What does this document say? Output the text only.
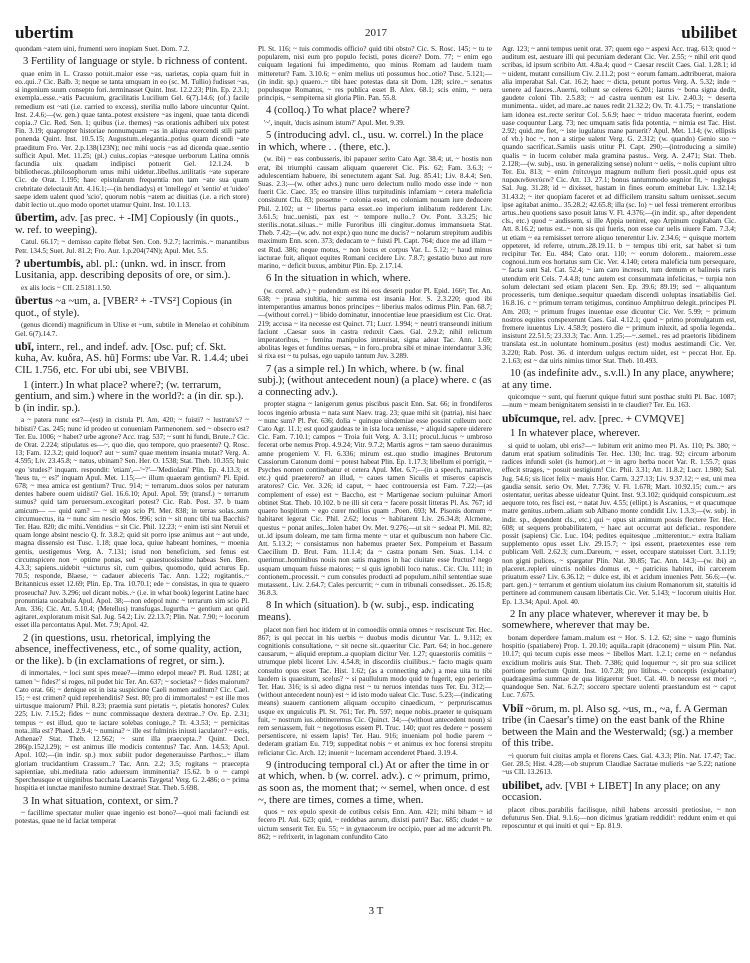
ubertim	2017	ubilibet
quondam ~atem uini, frumenti uero inopiam Suet. Dom. 7.2.
3 Fertility of language or style. b richness of content.
quae enim in L. Crasso potuit..maior esse ~as, uarietas, copia quam fuit in eo..qui..? Cic. Balb. 3; neque se tanta umquam in eo (sc. M. Tullio) fudisset ~as, si ingenium suum consepto fori..terminasset Quint. Inst. 12.2.23; Plin. Ep. 2.3.1; exempla..esse..~atis Pacuuium, gracilitatis Lucilium Gel. 6(7).14.6; (of.) facile remedium est ~ati (i.e. carried to excess), sterilia nullo labore uincuntur Quint. Inst. 2.4.6;—(w. gen.) quae tanta..potest exsistere ~as ingeni, quae tanta dicendi copia..? Cic. Red. Sen. 1; quibus (i.e. themes) ~as orationis adhiberi uix potest Fin. 3.19; quapropter historiae nonnumquam ~as in aliqua exercendi stili parte ponenda Quint. Inst. 10.5.15; Augustum..elegantia..potius quam dicendi ~ate praeditum Fro. Ver. 2.p.138(123N); nec mihi uocis ~as ad dicenda quae..sentio sufficit Apul. Met. 11.25; (pl.) cuius..copias ~atesque uerborum Latina omnis facundia uix quadam indipisci potuerit Gel. 12.1.24. b bibliothecas..philosophorum unus mihi uidetur..libellus..utilitatis ~ate superare Cic. de Orat. 1.195; haec epistularum frequentia non tam ~ate sua quam crebritate delectauit Att. 4.16.1;—(in hendiadys) et 'intellego' et 'sentio' et 'uideo' saepe idem ualent quod 'scio', quorum nobis ~atem ac diuitias (i.e. a rich store) dabit lectio ut..quo modo oportet utamur Quint. Inst. 10.1.13.
ūbertim, adv. [as prec. + -IM] Copiously (in quots., w. ref. to weeping).
Catul. 66.17; ~ demisso capite flebat Sen. Con. 9.2.7; lacrimis..~ manantibus Petr. 134.5; Suet. Jul. 81.2; Fro. Aur. 1.p.204(74N); Apul. Met. 5.5.
? ubertumbis, abl. pl.: (unkn. wd. in inscr. from Lusitania, app. describing deposits of ore, or sim.).
ex alis locis ~ CIL 2.5181.1.50.
ūbertus ~a ~um, a. [VBER² + -TVS²] Copious (in quot., of style).
(genus dicendi) magnificum in Ulixe et ~um, subtile in Menelao et cohibitum Gel. 6(7).14.7.
ubī, interr., rel., and indef. adv. [Osc. puf; cf. Skt. kuha, Av. kuδra, AS. hū] Forms: ube Var. R. 1.4.4; ubei CIL 1.756, etc. For ubi ubi, see VBIVBI.
1 (interr.) In what place? where?; (w. terrarum, gentium, and sim.) where in the world?: a (in dir. sp.). b (in indir. sp.).
a ~ patera nunc est?—(est) in cistula Pl. Am. 420; ~ fuisti? ~ lustratu's? ~ bibisti? Cas. 245; nunc id prodeo ut conueniam Parmenonem. sed ~ obsecro est? Ter. Eu. 1006; ~ habet? urbe agrone? Acc. trag. 537; ~ sunt hi fundi, Brute..? Cic. de Orat. 2.224; stipulatus es—~, quo die, quo tempore, quo praesente? Q. Rosc. 13; Fam. 12.3.2; quid loquor? aut ~ sum? quae mentem insania mutat? Verg. A. 4.595; Liv. 23.45.8; ~ natus, ubinam? Sen. Her. O. 1538; Stat. Theb. 10.355; huic ego 'studes?' inquam. respondit: 'etiam',—'~?'—'Mediolani' Plin. Ep. 4.13.3; et 'heus tu, ~ es?' inquam Apul. Met. 1.15;—~ illum quaeram gentium? Pl. Epid. 678; ~ mea amica est gentium? Truc. 914; ~ terrarum..duos solos per naturam dentes habere ouem uidisti? Gel. 16.6.10; Apul. Apol. 59; (transf.) ~ terrarum sumus? quid tam peruersum..excogitari potest? Cic. Rab. Post. 37. b tuam amicum— — quid eam? — ~ sit ego scio Pl. Mer. 838; in terras solas..sum circumuectus, ita ~ nunc sim nescio Mos. 996; scin ~ sit nunc tibi tua Bacchis? Ter. Hau. 820; dic mihi..Ventidius ~ sit Cic. Phil. 12.23; ~ enim isti sint Neruii et quam longe absint nescio Q. fr. 3.8.2; quid sit porro ipse animus aut ~ aut unde, magna dissensio est Tusc. 1.18; quae loca, quiue habeant homines, ~ moenia gentis, uestigemus Verg. A. 7.131; istud non beneficium, sed fenus est circumspicere non ~ optime ponas, sed ~ quaestuosissime habeas Sen. Ben. 4.3.3; sapiens..uidebit ~uicturus sit, cum quibus, quomodo, quid acturus Ep. 70.5; responde, Blaese, ~ cadauer abieceris Tac. Ann. 1.22; rogitantis..~ Britannicus esset 12.69; Plin. Ep. Tra. 10.70.1; ede ~ consistas, in qua te quaero proseucha? Juv. 3.296; uel dicant nobis..~ (i.e. in what book) legerint Latine haec pronuntiata uocabula Apul. Apol. 38;—non edepol nunc ~ terrarum sim scio Pl. Am. 336; Cic. Att. 5.10.4; (Metellus) transfugas..Iugurtha ~ gentium aut quid agitaret..exploratum misit Sal. Jug. 54.2; Liv. 22.13.7; Plin. Nat. 7.90; ~ locorum esset illa percontatus Apul. Met. 7.9; Apol. 42.
2 (in questions, usu. rhetorical, implying the absence, ineffectiveness, etc., of some quality, action, or the like). b (in exclamations of regret, or sim.).
di inmortales, ~ loci sunt spes meae?—immo edepol meae? Pl. Rud. 1281; at tamen '~ fides?' si roges, nil pudet hic Ter. An. 637; ~ societas? ~ fides maiorum? Cato orat. 66; ~ denique est in ista suspicione Caeli nomen auditum? Cic. Cael. 15; ~ est crimen? quid reprehenditis? Sest. 80; pro di immortales! ~ est ille mos uirtusque maiorum? Phil. 8.23; praemia sunt pietatis ~, pietatis honores? Culex 225; Liv. 7.15.2; fides ~ nunc commissaque dextera dextrae..? Ov. Ep. 2.31; tempus ~ est illud, quo te iactare solebas coniuge..? Tr. 4.3.53; ~ pernicitas nota..illa est? Phaed. 2.9.4; ~ numina? ~ ille est fulminis iniusti iaculator? ~ estis, Athenae? Stat. Theb. 12.562; ~ sunt illa praecepta..? Quint. Decl. 286(p.152,l.29); ~ est animus ille modicis contentus? Tac. Ann. 14.53; Apul. Apol. 102;—(in indir. sp.) mox subiit pudor degenerauisse Parthos:..~ illam gloriam trucidantium Crassum..? Tac. Ann. 2.2; 3.5; rogitans ~ praecepta sapientiae, ubi..meditata ratio aduersum imminentia? 15.62. b o ~ campi Spercheusque et uirginibus bacchata Lacaenis Taygeta! Verg. G. 2.486; o ~ prima hospitia et iunctae manifesto numine dextrae! Stat. Theb. 5.698.
3 In what situation, context, or sim.?
~ facillime spectatur mulier quae ingenio est bono?—quoi mali faciundi est potestas, quae ne id faciat temperat
Pl. St. 116; ~ tuis commodis officio? quid tibi obsto? Cic. S. Rosc. 145; ~ tu te popularem, nisi eum pro populo fecisti, potes dicere? Dom. 77; ~ enim ego cuiquam legationi fui impedimento, quo minus Romam ad laudem tuam mitteretur? Fam. 3.10.6; ~ enim melius uti possumus hoc..otio? Tusc. 5.121;—(in indir. sp.) quaero..~ tibi haec potestas data sit Dom. 128; scire..~ senatus populusque Romanus, ~ res publica esset B. Alex. 68.1; scis enim, ~ uera principis, ~ sempiterna sit gloria Plin. Pan. 55.8.
4 (colloq.) To what place? where?
'~', inquit, 'ducis asinum istum?' Apul. Met. 9.39.
5 (introducing advl. cl., usu. w. correl.) In the place in which, where . . (there, etc.).
(w. ibi) ~ eas conbusseris, ibi papauer serito Cato Agr. 38.4; ut, ~ hostis non erat, ibi triumphi causam aliquam quaereret Cic. Pis. 62; Fam. 3.6.3; ~ adulescentiam habuere, ibi senectutem agant Sal. Jug. 85.41; Liv. 8.4.4; Sen. Suas. 2.3;—(w. other advs.) nunc uero delectum nullo modo esse inde ~ non fuerit Cic. Caec. 35; eo transire illius turpitudinis infamiam ~ cetera maleficia consistunt Clu. 83; possetne ~ colonia esset, eo coloniam nouam iure deducere Phil. 2.102; ut ~ libertus parta esset..eo imperium inlibatum redderent Liv. 3.61.5; huc..uenisti, pax est ~ tempore nullo..? Ov. Pont. 3.3.25; hic sterilis..notat..siluas..~ mille Furoribus illi cingitur..domus immansueta Stat. Theb. 7.42;—(w. adv. not expr.) quo nunc me ducis? ~ nolarum strepitum audibis maximum Enn. scen. 373; deducam te ~ fuisti Pl. Capt. 764; duce me ad illam ~ est Rud. 386; neque motus, ~ non locus et corpus Var. L. 5.12; ~ haud minus iacturae fuit, aliquot equites Romani cecidere Liv. 7.8.7; gestatio buxo aut rore marino, ~ deficit buxus, ambitur Plin. Ep. 2.17.14.
6 In the situation in which, where.
(w. correl. adv.) ~ pudendum est ibi eos deserit pudor Pl. Epid. 166²; Ter. An. 638; ~ praua stultitia, hic summa est insania Hor. S. 2.3.220; quod ibi intemperantius amamus bonos principes ~ liberius malos odimus Plin. Pan. 68.7;—(without correl.) ~ libido dominatur, innocentiae leue praesidium est Cic. Orat. 219; accusa ~ ita necesse est Quinct. 71; Lucr. 1.994; ~ neutri transeundi initium faciunt ..Caesar suos in castra reduxit Caes. Gal. 2.9.2; nihil relictum imperatoribus, ~ femina manipulos interuisat, signa adeat Tac. Ann. 1.69; abolitas leges et funditus uersas, ~ in foro..probra sibi et minae intendantur 3.36; si rixa est ~ tu pulsas, ego uapulo tantum Juv. 3.289.
7 (as a simple rel.) In which, where. b (w. final subj.); (without antecedent noun) (a place) where. c (as a connecting adv.).
propter stagna ~ lanigerum genus piscibus pascit Enn. Sat. 66; in frondiferos locos ingenio arbusta ~ nata sunt Naev. trag. 23; quae mihi sit (patria), nisi haec ~ nunc sum? Pl. Per. 636; dolia ~ quinque uindemiae esse possint culleum uocc Cato Agr. 11.1; est quod gaudeas te in ista loca uenisse, ~ aliquid sapere uiderere Cic. Fam. 7.10.1; campos ~ Troia fuit Verg. A. 3.11; procul..lucus ~ umbroso fecerat orbe nemus Prop. 4.9.24; Vitr. 9.7.2; Martis agros ~ tam saeuo durauimus amne progeniem V. Fl. 6.336; mirum est..quo studio imagines Brutorum Cassiorum Catonum domi ~ potest habeat Plin. Ep. 1.17.3; libellum ei porrigit, ~ Psyches nomen continebatur et cetera Apul. Met. 6.7;—(in a speech, narrative, etc.) quid praeterero? an illud, ~ caues tamen Siculis et miseros capiscis aratores? Cic. Ver. 3.26; id caput, ~ haec controuersia est Fam. 7.22;—(as complement of esse) est ~ Baccho, est ~ Martigenae socium puluinar Amori obtinet Stat. Theb. 10.102. b ne illi sit cera ~ facere possit litteras Pl. As. 767; id quaero hospitium ~ ego curer mollius quam ..Poen. 693; M. Pisonis domum ~ habitaret legerat Cic. Phil. 2.62; locus ~ habitarent Liv. 26.34.8; Alcmene, questus ~ ponat aniles,..Iolen habet Ov. Met. 9.276;—ut sit ~ sedeat Pl. Mil. 82; ut..id ipsum doleam, me tam firma mente ~ utar et quibuscum non habere Cic. Att. 5.13.2; ~ consistamus non habemus praeter Sex. Pompeium et Bassum Caecilium D. Brut. Fam. 11.1.4; da ~ castra ponam Sen. Suas. 1.14. c querimur..hominibus nouis non satis magnos in hac ciuitate esse fructus? nego usquam umquam fuisse maiores; ~ si quis ignobili loco natus.. Cic. Clu. 111; in contionem..processit. ~ cum consules producti ad populum..nihil sententiae suae mutassent.. Liv. 2.64.7; Cales percurrit; ~ cum in tribunali consedisset.. 26.15.8; 36.8.3.
8 In which (situation). b (w. subj., esp. indicating means).
placet non fieri hoc itidem ut in comoediis omnia omnes ~ resciscunt Ter. Hec. 867; is qui peccat in his uerbis ~ duobus modis dicuntur Var. L. 9.112; ex cognitionis consultatione, ~ sit necne sit..quaeritur Cic. Part. 64; in hoc..genere causarum, ~ aliquid ereptum..a quopiam dicitur Ver. 1.27; quaestoriis comitiis ~ utrumque plebi liceret Liv. 4.54.8; in discordiis ciuilibus..~ facto magis quam consulto opus esset Tac. Hist. 1.62; (as a connecting adv.) a mea uita tu tibi laudem is quaesitum, scelus? ~ si paullulum modo quid te fugerit, ego perierim Ter. Hau. 316; is si adeo digna rest ~ tu neruos intendas tuos Ter. Eu. 312;—(without antecedent noun) est ~ id isto modo ualeat Cic. Tusc. 5.23;—(indicating means) suauem cantionem aliquam occupito cinaedicum, ~ perpruriscamus usque ex unguiculis Pl. St. 761; Ter. Ph. 597; neque nobis..praeter te quisquam fuit, ~ nostrum ius..obtineremus Cic. Quinct. 34;—(without antecedent noun) si rem seruassem, fuit ~ negotiosus essem Pl. Truc. 140; quot res dedere ~ possem persentiscere, ni essem lapis! Ter. Hau. 916; inueniam pol hodie parem ~ dederam gratiam Eu. 719; suppeditat nobis ~ et animus ex hoc forensi strepitu reficiatur Cic. Arch. 12; inuenit ~ lucernam accenderet Phaed. 3.19.4.
9 (introducing temporal cl.) At or after the time in or at which, when. b (w. correl. adv.). c ~ primum, primo, as soon as, the moment that; ~ semel, when once. d est ~, there are times, comes a time, when.
quos ~ rex epulo spexit de cotibus celsis Enn. Ann. 421; mihi bibam ~ id fecero Pl. Aul. 623; quid, ~ reddebas aurum, dixisti patri? Bac. 685; cludet ~ te uictum senserit Ter. Eu. 55; ~ in gynaeceum ire occipio, puer ad me adcurrit Ph. 862; ~ refrixerit, in lagonam confundito Cato
Agr. 123; ~ anni tempus uenit orat. 37; quem ego ~ aspexi Acc. trag. 613; quod ~ auditum est, aestuare illi qui pecuniam dederant Cic. Ver. 2.55; ~ nihil erit quod scribas, id ipsum scribito Att. 4.8a.4; quod ~ Caesar resciit Caes. Gal. 1.28.1; id ~ uident, mutant consilium Civ. 2.11.2; post ~ eorum famam..adtribuerat, maiora alia imperabat Sal. Cat. 16.2; haec ~ dicta, petunt portus Verg. A. 5.32; inde ~ uenere ad fauces..Auerni, tollunt se celeres 6.201; laurus ~ bona signa dedit, gaudete coloni Tib. 2.5.83; ~ ad castra uentum est Liv. 2.40.3; ~ deserta munimenta.. uidet, ad mare..ac naues redit 21.32.2; Ov. Tr. 4.1.75; ~ translatione iam idonea est..recte seritur Col. 5.6.9; haec ~ triduo macerata fuerint, eodem uase coquuntur Larg. 73; nec umquam satis fida potentia, ~ nimia est Tac. Hist. 2.92; quid..me fiet, ~ iste iugulatus mane paruerit? Apul. Met. 1.14; (w. ellipsis of vb.) hoc ~, non a stirpe ualent Verg. G. 2.312; (w. quando) Genio suo ~ quando sacrificat..Samiis uasis utitur Pl. Capt. 290;—(introducing a simile) qualis ~ in lucem coluber mala gramina pastus.. Verg. A. 2.471; Stat. Theb. 2.128;—(w. subj., usu. in generalizing sense) nolunt ~ uelis, ~ nolis cupiunt ultro Ter. Eu. 813; ~ enim ἐπίτευγμα magnum nullum fieri possit..quid opus est παρακινδυνεύειν? Cic. Att. 13. 27.1; bonus tantummodo segnior fit, ~ neglegas Sal. Jug. 31.28; id ~ dixisset, hastam in fines eorum emittebat Liv. 1.32.14; 31.43.2; ~ iter quopiam faceret et ad difficilem transitu saltum uenisset..secum ipse agitabat animo.. 35.28.2; 42.65.8; illa (sc. Io) ~ uel fessi tremerent erroribus artus..heu quotiens saxo posuit latus V. Fl. 4.376;—(in indir. sp., after dependent cls., etc.) quod ~ audissem, si ille Appia ueniret, ego Arpinum cogitabam Cic. Att. 8.16.2; uetus est..~ non sis qui fueris, non esse cur uelis uiuere Fam. 7.3.4; ut etiam ~ ea remisisset terrore aliquo tenerentur Liv. 2.34.6; ~ quisque mortem oppeteret, id referre, utrum..28.19.11. b ~ tempus tibi erit, sat habet si tum recipitur Ter. Eu. 484; Cato orat. 110; ~ eorum dolorem.. maiorem..esse cognoui..tum eos hortatus sum Cic. Ver. 4.140; cetera maleficia tum persequare, ~ facta sunt Sal. Cat. 52.4; ~ iam caro increscit, tum demum et balineis raris utendum erit Cels. 7.4.4.8; tunc autem est consummata infelicitas, ~ turpia non solum delectant sed etiam placent Sen. Ep. 39.6; 89.19; sed ~ aliquantum processeris, tum denique..sequitur quaedam discendi uoluptas insatiabilis Gel. 16.8.16. c ~ primum terram tetigimus, continuo Amphitruo delegit..principes Pl. Am. 203; ~ primum fruges inuentae esse dicuntur Cic. Ver. 5.99; ~ primum nostros equites conspexerunt Caes. Gal. 4.12.1; quod ~ primo promulgatum est, fremere iuuentus Liv. 4.58.9; postero die ~ primum inluxit, ad spolia legenda.. insistunt 22.51.5; 23.33.3; Tac. Ann. 1.25;—~..semel.. res ad praetoris libidinem translata est..in uoluntate hominum..positus (est) modus aestimandi Cic. Ver. 3.220; Rab. Post. 36. d interdum uulgus rectum uidet, est ~ peccat Hor. Ep. 2.1.63; est ~ dat uiris nimius timor Stat. Theb. 10.493.
10 (as indefinite adv., s.v.ll.) In any place, anywhere; at any time.
quicomque ~ sunt, qui fuerunt quique futuri sunt posthac stulti Pl. Bac. 1087;—num ~ meam benignitatem sensisti in te claudier? Ter. Eu. 163.
ubīcumque, rel. adv. [prec. + CVMQVE]
1 In whatever place, wherever.
si quid te uolam, ubi eris?—~ lubitum erit animo meo Pl. As. 110; Ps. 380; ~ datum erat spatium solitudinis Ter. Hec. 130; Inc. trag. 92; circum arborum radices infundi solet (is humor)..et ~ in agro herba nocet Var. R. 1.55.7; quas effecit strages, ~ posuit uestigium! Cic. Phil. 3.31; Att. 11.8.2; Lucr. 1.980; Sal. Jug. 54.6; sis licet felix ~ mauis Hor. Carm. 3.27.13; Liv. 9.37.12; ~ est, uni mea gaudia sensit. serio Ov. Met. 7.736; V. Fl. 1.678; Mart. 10.92.15; cum..~ ars ostentatur, ueritas abesse uideatur Quint. Inst. 9.3.102; quidquid conspicuum..est aequore toto, res fisci est, ~ natat Juv. 4.55; (ellipt.) is Ascanius, ~ et quacumque matre genitus..urbem..aliam sub Albano monte condidit Liv. 1.3.3;—(w. subj. in indir. sp., dependent cls., etc.) qui ~ opus sit animum possis flectere Ter. Hec. 608; ut sequens probabilitatem, ~ haec aut occurrat aut deficiat.. respondere possit (sapiens) Cic. Luc. 104; pedites equitesque ..mitterentur..~ extra Italiam supplemento opus esset Liv. 29.15.7; ~ ipsi essent, praetexentes esse rem publicam Vell. 2.62.3; cum..Dareum, ~ esset, occupare statuisset Curt. 3.1.19; non gigni pulices, ~ spargatur Plin. Nat. 30.85; Tac. Ann. 14.3;—(w. ibi) an placeret..repleri uinctis nobiles domus et, ~ patricius habitet, ibi carcerem priuatum esse? Liv. 6.36.12; ~ dulce est, ibi et acidum inuenies Petr. 56.6;—(w. part. gen.) ~ terrarum et gentium uiolatum ius ciuium Romanorum sit, statuitis id pertinere ad communem causam libertatis Cic. Ver. 5.143; ~ locorum uiuitis Hor. Ep. 1.3.34; Apul. Apol. 40.
2 In any place whatever, wherever it may be. b somewhere, wherever that may be.
bonam deperdere famam..malum est ~ Hor. S. 1.2. 62; sine ~ uago fluminis hospitio (spatiabere) Prop. 1. 20.10; aquila..rapit (draconem) ~ uisum Plin. Nat. 10.17; qui tecum cupis esse meos ~ libellos Mart. 1.2.1; cerne en ~ nefandus excidium moliris auis Stat. Theb. 7.386; quid loquemur ~, sit pro sua scilicet portione perfectum Quint. Inst. 10.7.28; pro litibus..~ conceptis (exigebatur) quadragesima summae de qua litigaretur Suet. Cal. 40. b necesse est mori ~, quandoque Sen. Nat. 6.2.7; soccero spectare uolenti praestandum est ~ caput Luc. 7.675.
Vbiī ~ōrum, m. pl. Also sg. ~us, m., ~a, f. A German tribe (in Caesar's time) on the east bank of the Rhine between the Main and the Westerwald; (sg.) a member of this tribe.
~i quorum fuit ciuitas ampla et florens Caes. Gal. 4.3.3; Plin. Nat. 17.47; Tac. Ger. 28.5; Hist. 4.28;—ob stuprum Claudiae Sacratae mulieris ~ae 5.22; natione ~us CIL 13.2613.
ubilibet, adv. [VBI + LIBET] In any place; on any occasion.
placet cibus..parabilis facilisque, nihil habens arcessiti pretiosiue, ~ non defuturus Sen. Dial. 9.1.6;—non dicimus 'gratiam reddidit': reddunt enim et qui reposcuntur et qui inuiti et qui ~ Ep. 81.9.
3 T
